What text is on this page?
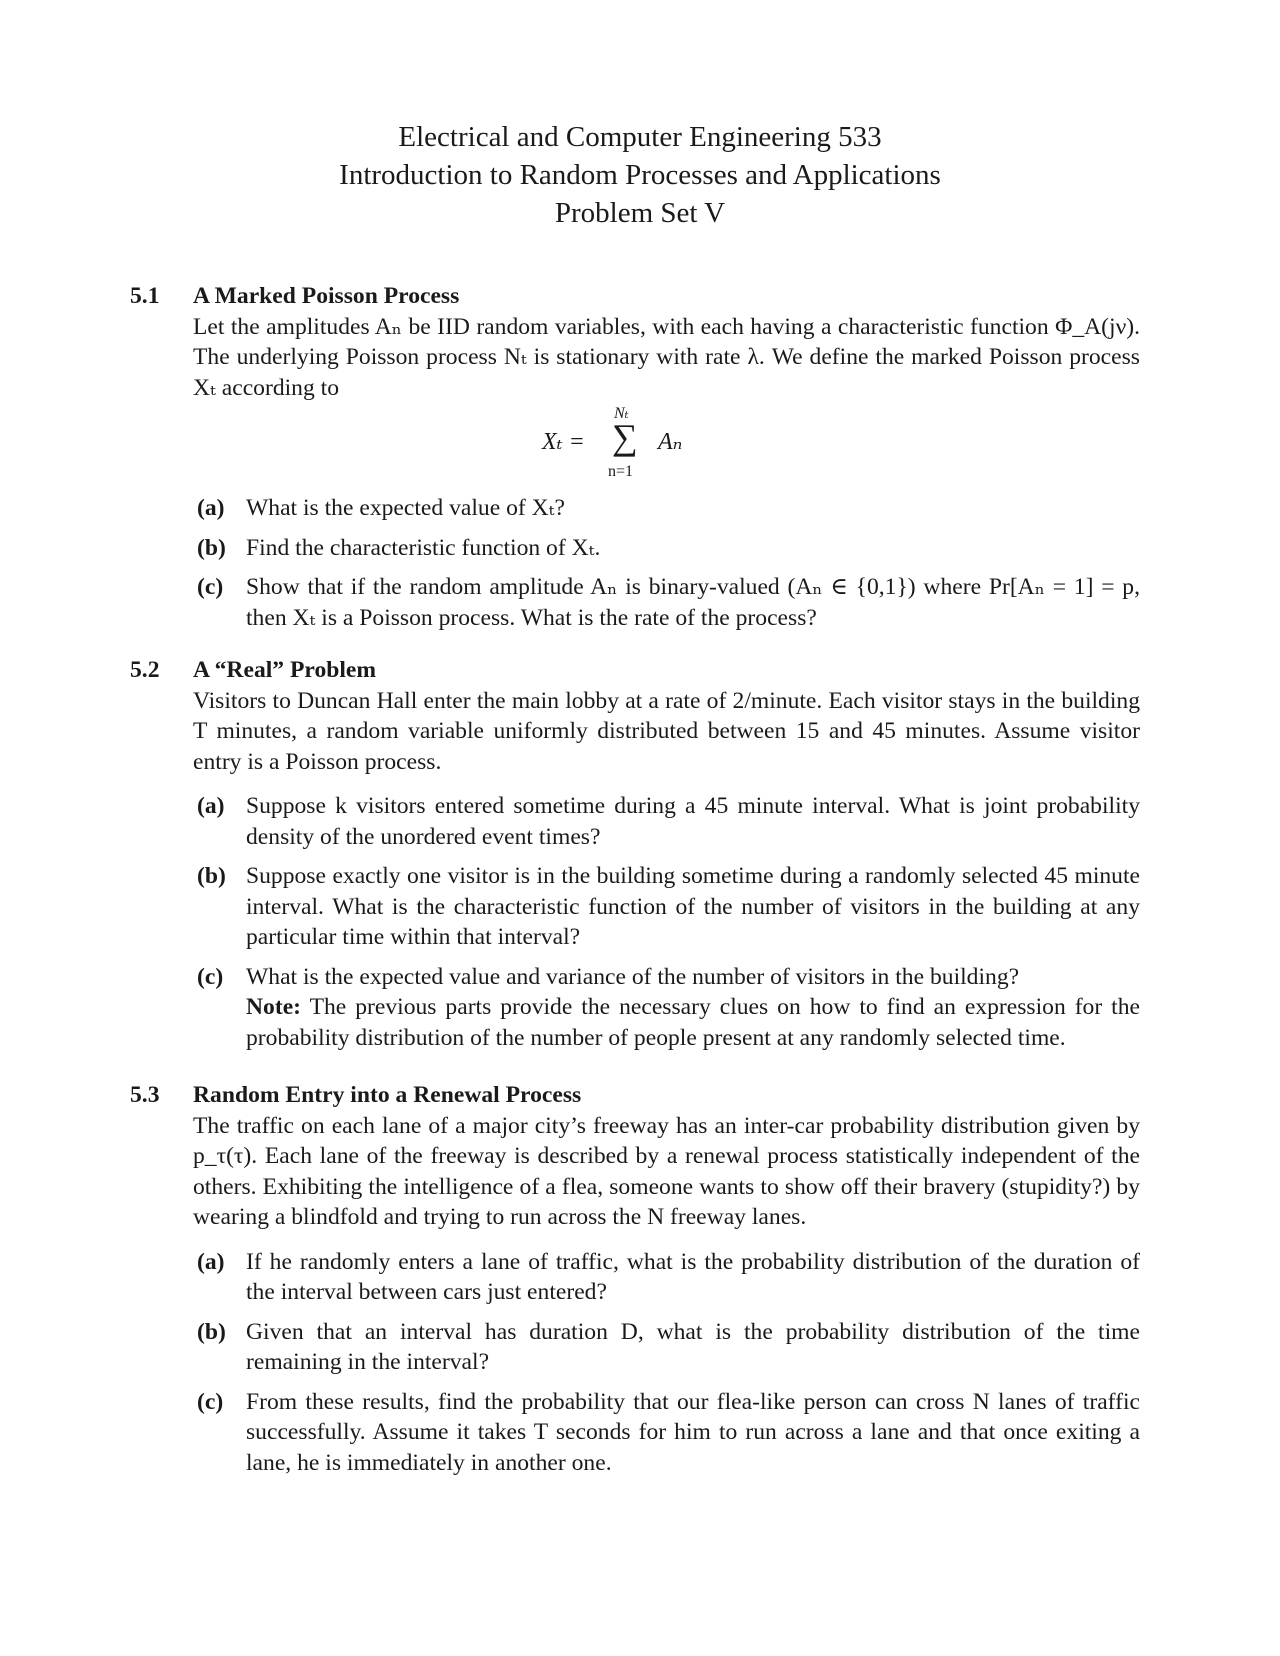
Electrical and Computer Engineering 533
Introduction to Random Processes and Applications
Problem Set V
5.1 A Marked Poisson Process
Let the amplitudes Aₙ be IID random variables, with each having a characteristic function Φ_A(jν). The underlying Poisson process Nₜ is stationary with rate λ. We define the marked Poisson process Xₜ according to
Xₜ =
Nₜ
∑
n=1
Aₙ
(a) What is the expected value of Xₜ?
(b) Find the characteristic function of Xₜ.
(c) Show that if the random amplitude Aₙ is binary-valued (Aₙ ∈ {0,1}) where Pr[Aₙ = 1] = p, then Xₜ is a Poisson process. What is the rate of the process?
5.2 A “Real” Problem
Visitors to Duncan Hall enter the main lobby at a rate of 2/minute. Each visitor stays in the building T minutes, a random variable uniformly distributed between 15 and 45 minutes. Assume visitor entry is a Poisson process.
(a) Suppose k visitors entered sometime during a 45 minute interval. What is joint probability density of the unordered event times?
(b) Suppose exactly one visitor is in the building sometime during a randomly selected 45 minute interval. What is the characteristic function of the number of visitors in the building at any particular time within that interval?
(c) What is the expected value and variance of the number of visitors in the building?
Note: The previous parts provide the necessary clues on how to find an expression for the probability distribution of the number of people present at any randomly selected time.
5.3 Random Entry into a Renewal Process
The traffic on each lane of a major city’s freeway has an inter-car probability distribution given by p_τ(τ). Each lane of the freeway is described by a renewal process statistically independent of the others. Exhibiting the intelligence of a flea, someone wants to show off their bravery (stupidity?) by wearing a blindfold and trying to run across the N freeway lanes.
(a) If he randomly enters a lane of traffic, what is the probability distribution of the duration of the interval between cars just entered?
(b) Given that an interval has duration D, what is the probability distribution of the time remaining in the interval?
(c) From these results, find the probability that our flea-like person can cross N lanes of traffic successfully. Assume it takes T seconds for him to run across a lane and that once exiting a lane, he is immediately in another one.
